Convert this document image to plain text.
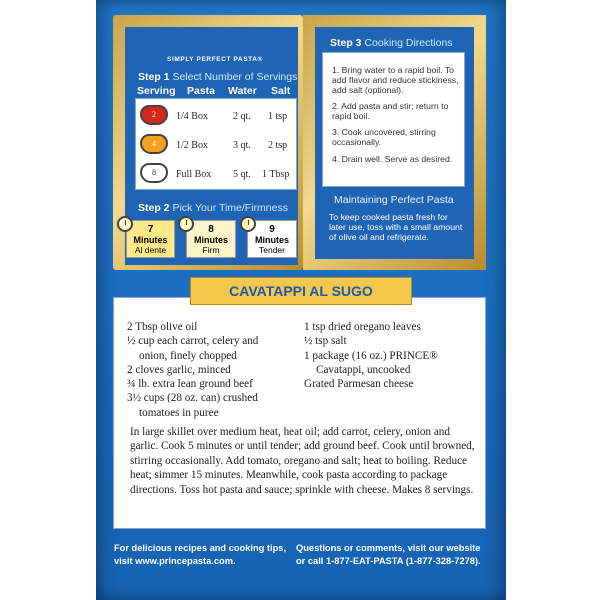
SIMPLY PERFECT PASTA®
Step 1 Select Number of Servings
Serving Pasta Water Salt
2	1/4 Box	2 qt. 1 tsp
4	1/2 Box	3 qt. 2 tsp
8	Full Box 5 qt. 1 Tbsp
Step 2 Pick Your Time/Firmness
7
Minutes
Al dente
8
Minutes
Firm
9
Minutes
Tender
Step 3 Cooking Directions
1. Bring water to a rapid boil. To add flavor and reduce stickiness, add salt (optional).
2. Add pasta and stir; return to rapid boil.
3. Cook uncovered, stirring occasionally.
4. Drain well. Serve as desired.
Maintaining Perfect Pasta
To keep cooked pasta fresh for later use, toss with a small amount of olive oil and refrigerate.
CAVATAPPI AL SUGO
2 Tbsp olive oil
½ cup each carrot, celery and
onion, finely chopped
2 cloves garlic, minced
¾ lb. extra lean ground beef
3½ cups (28 oz. can) crushed
tomatoes in puree
1 tsp dried oregano leaves
½ tsp salt
1 package (16 oz.) PRINCE®
Cavatappi, uncooked
Grated Parmesan cheese
In large skillet over medium heat, heat oil; add carrot, celery, onion and garlic. Cook 5 minutes or until tender; add ground beef. Cook until browned, stirring occasionally. Add tomato, oregano and salt; heat to boiling. Reduce heat; simmer 15 minutes. Meanwhile, cook pasta according to package directions. Toss hot pasta and sauce; sprinkle with cheese. Makes 8 servings.
For delicious recipes and cooking tips,
visit www.princepasta.com.
Questions or comments, visit our website
or call 1-877-EAT-PASTA (1-877-328-7278).
